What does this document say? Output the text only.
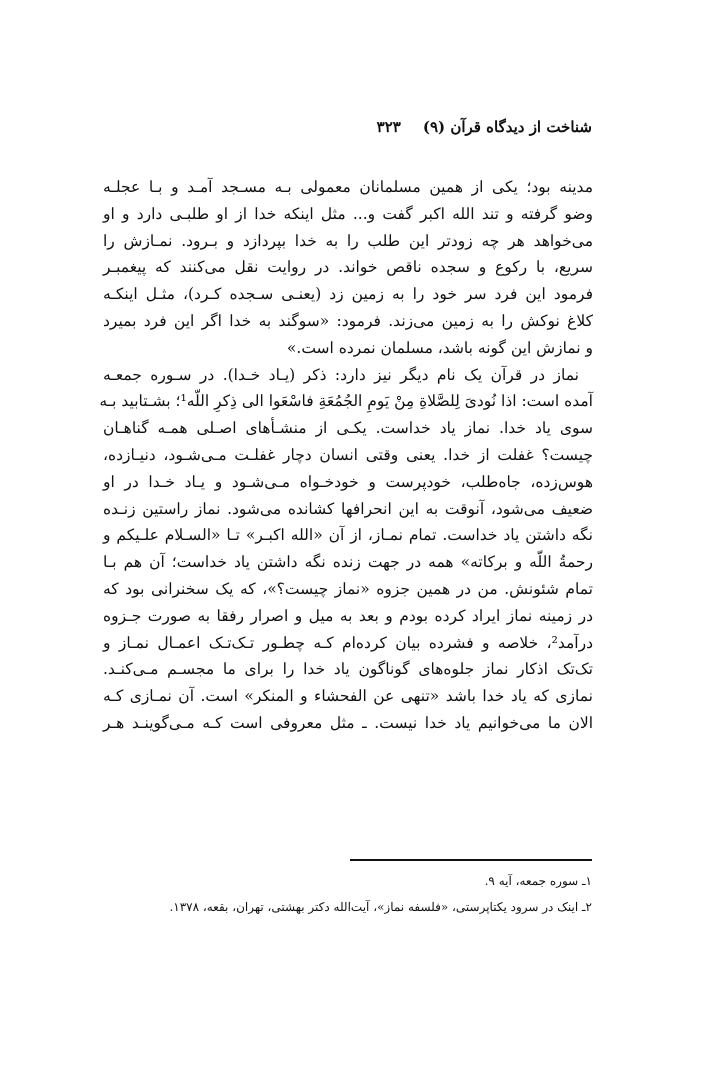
شناخت از دیدگاه قرآن (۹)۳۲۳
مدینه بود؛ یکی از همین مسلمانان معمولی بـه مسـجد آمـد و بـا عجلـه
وضو گرفته و تند الله اکبر گفت و... مثل اینکه خدا از او طلبـی دارد و او
می‌خواهد هر چه زودتر این طلب را به خدا بپردازد و بـرود. نمـازش را
سریع، با رکوع و سجده ناقص خواند. در روایت نقل می‌کنند که پیغمبـر
فرمود این فرد سر خود را به زمین زد (یعنـی سـجده کـرد)، مثـل اینکـه
کلاغ نوکش را به زمین می‌زند. فرمود: «سوگند به خدا اگر این فرد بمیرد
و نمازش این گونه باشد، مسلمان نمرده است.»
نماز در قرآن یک نام دیگر نیز دارد: ذکر (یـاد خـدا). در سـوره جمعـه
آمده است: اذا نُودیَ لِلصَّلاةِ مِنْ یَومِ الجُمُعَةِ فاسْعَوا الی ذِکرِ اللّه¹؛ بشـتابید بـه
سوی یاد خدا. نماز یاد خداست. یکـی از منشـأهای اصـلی همـه گناهـان
چیست؟ غفلت از خدا. یعنی وقتی انسان دچار غفلـت مـی‌شـود، دنیـازده،
هوس‌زده، جاه‌طلب، خودپرست و خودخـواه مـی‌شـود و یـاد خـدا در او
ضعیف می‌شود، آنوقت به این انحرافها کشانده می‌شود. نماز راستین زنـده
نگه داشتن یاد خداست. تمام نمـاز، از آن «الله اکبـر» تـا «السـلام علـیکم و
رحمةُ اللّه و برکاته» همه در جهت زنده نگه داشتن یاد خداست؛ آن هم بـا
تمام شئونش. من در همین جزوه «نماز چیست؟»، که یک سخنرانی بود که
در زمینه نماز ایراد کرده بودم و بعد به میل و اصرار رفقا به صورت جـزوه
درآمد²، خلاصه و فشرده بیان کرده‌ام کـه چطـور تـک‌تـک اعمـال نمـاز و
تک‌تک اذکار نماز جلوه‌های گوناگون یاد خدا را برای ما مجسـم مـی‌کنـد.
نمازی که یاد خدا باشد «تنهی عن الفحشاء و المنکر» است. آن نمـازی کـه
الان ما می‌خوانیم یاد خدا نیست. ـ مثل معروفی است کـه مـی‌گوینـد هـر
۱ـ سوره جمعه، آیه ۹.
۲ـ اینک در سرود یکتاپرستی، «فلسفه نماز»، آیت‌الله دکتر بهشتی، تهران، بقعه، ۱۳۷۸.
